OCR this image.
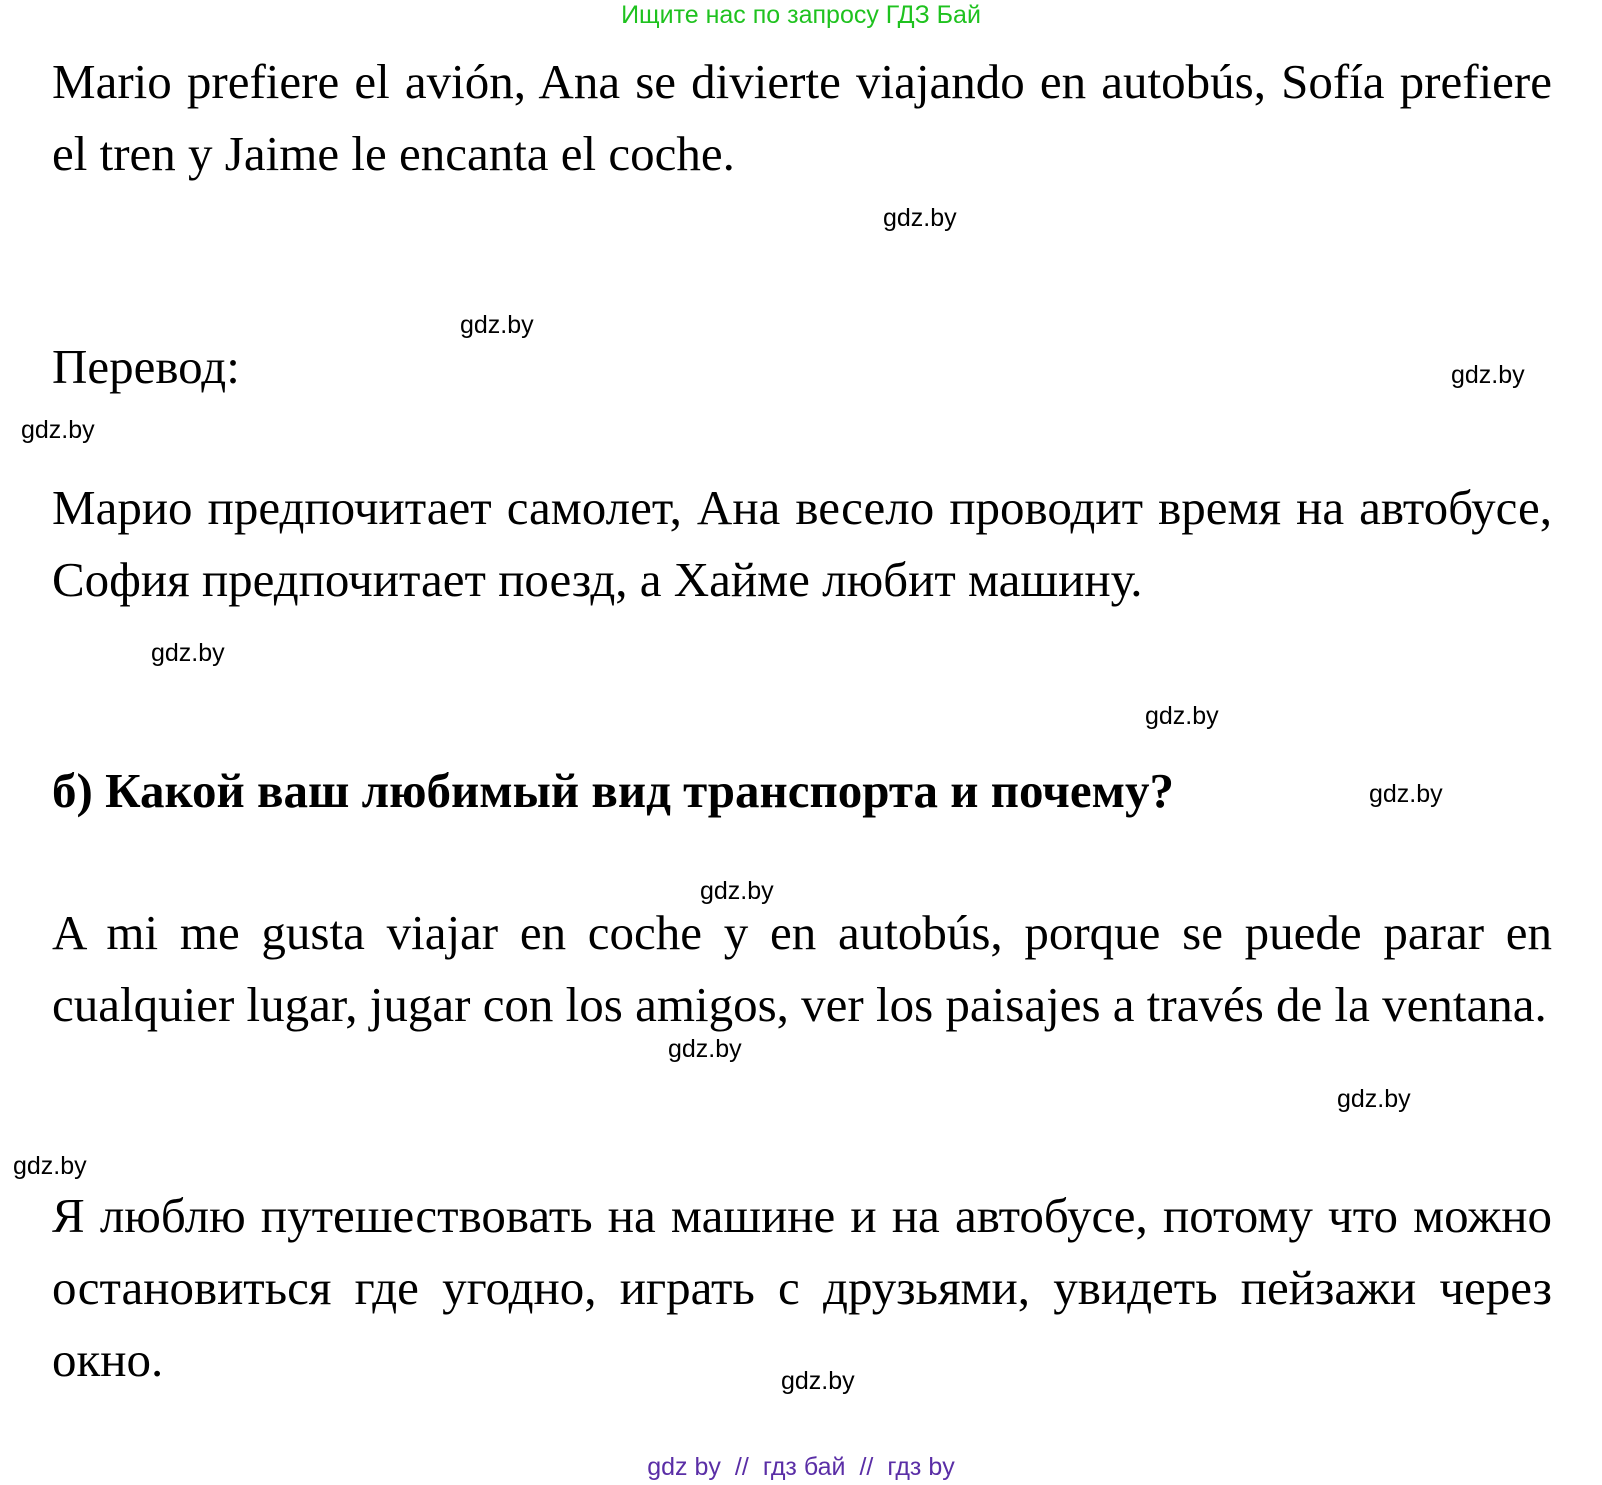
Ищите нас по запросу ГДЗ Бай

Mario prefiere el avión, Ana se divierte viajando en autobús, Sofía prefiere el tren y Jaime le encanta el coche.

Перевод:

Марио предпочитает самолет, Ана весело проводит время на автобусе, София предпочитает поезд, а Хайме любит машину.

б) Какой ваш любимый вид транспорта и почему?

A mi me gusta viajar en coche y en autobús, porque se puede parar en cualquier lugar, jugar con los amigos, ver los paisajes a través de la ventana.

Я люблю путешествовать на машине и на автобусе, потому что можно остановиться где угодно, играть с друзьями, увидеть пейзажи через окно.

gdz.by
gdz.by
gdz.by
gdz.by
gdz.by
gdz.by
gdz.by
gdz.by
gdz.by
gdz.by
gdz.by
gdz.by
gdz by // гдз бай // гдз by
